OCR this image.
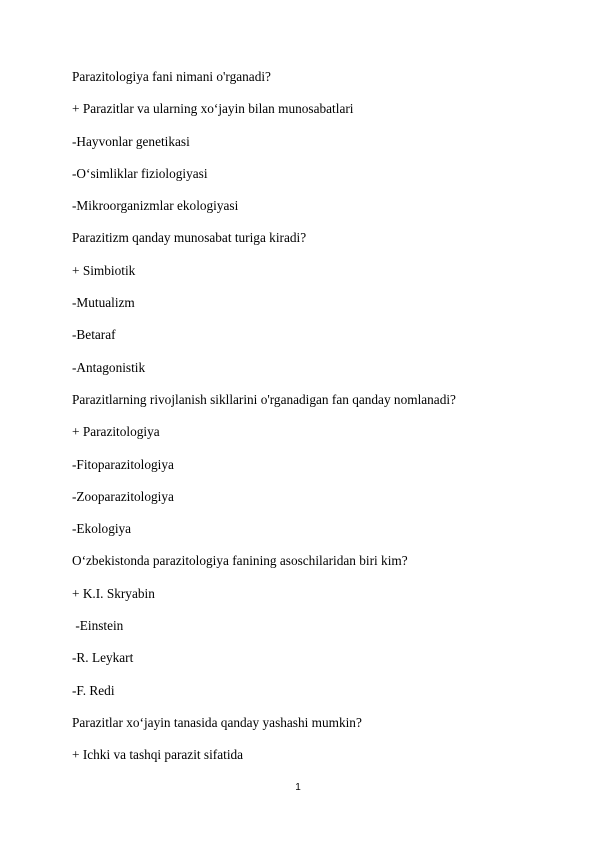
Parazitologiya fani nimani o'rganadi?
+ Parazitlar va ularning xo‘jayin bilan munosabatlari
-Hayvonlar genetikasi
-O‘simliklar fiziologiyasi
-Mikroorganizmlar ekologiyasi
Parazitizm qanday munosabat turiga kiradi?
+ Simbiotik
-Mutualizm
-Betaraf
-Antagonistik
Parazitlarning rivojlanish sikllarini o'rganadigan fan qanday nomlanadi?
+ Parazitologiya
-Fitoparazitologiya
-Zooparazitologiya
-Ekologiya
O‘zbekistonda parazitologiya fanining asoschilaridan biri kim?
+ K.I. Skryabin
-Einstein
-R. Leykart
-F. Redi
Parazitlar xo‘jayin tanasida qanday yashashi mumkin?
+ Ichki va tashqi parazit sifatida
1
